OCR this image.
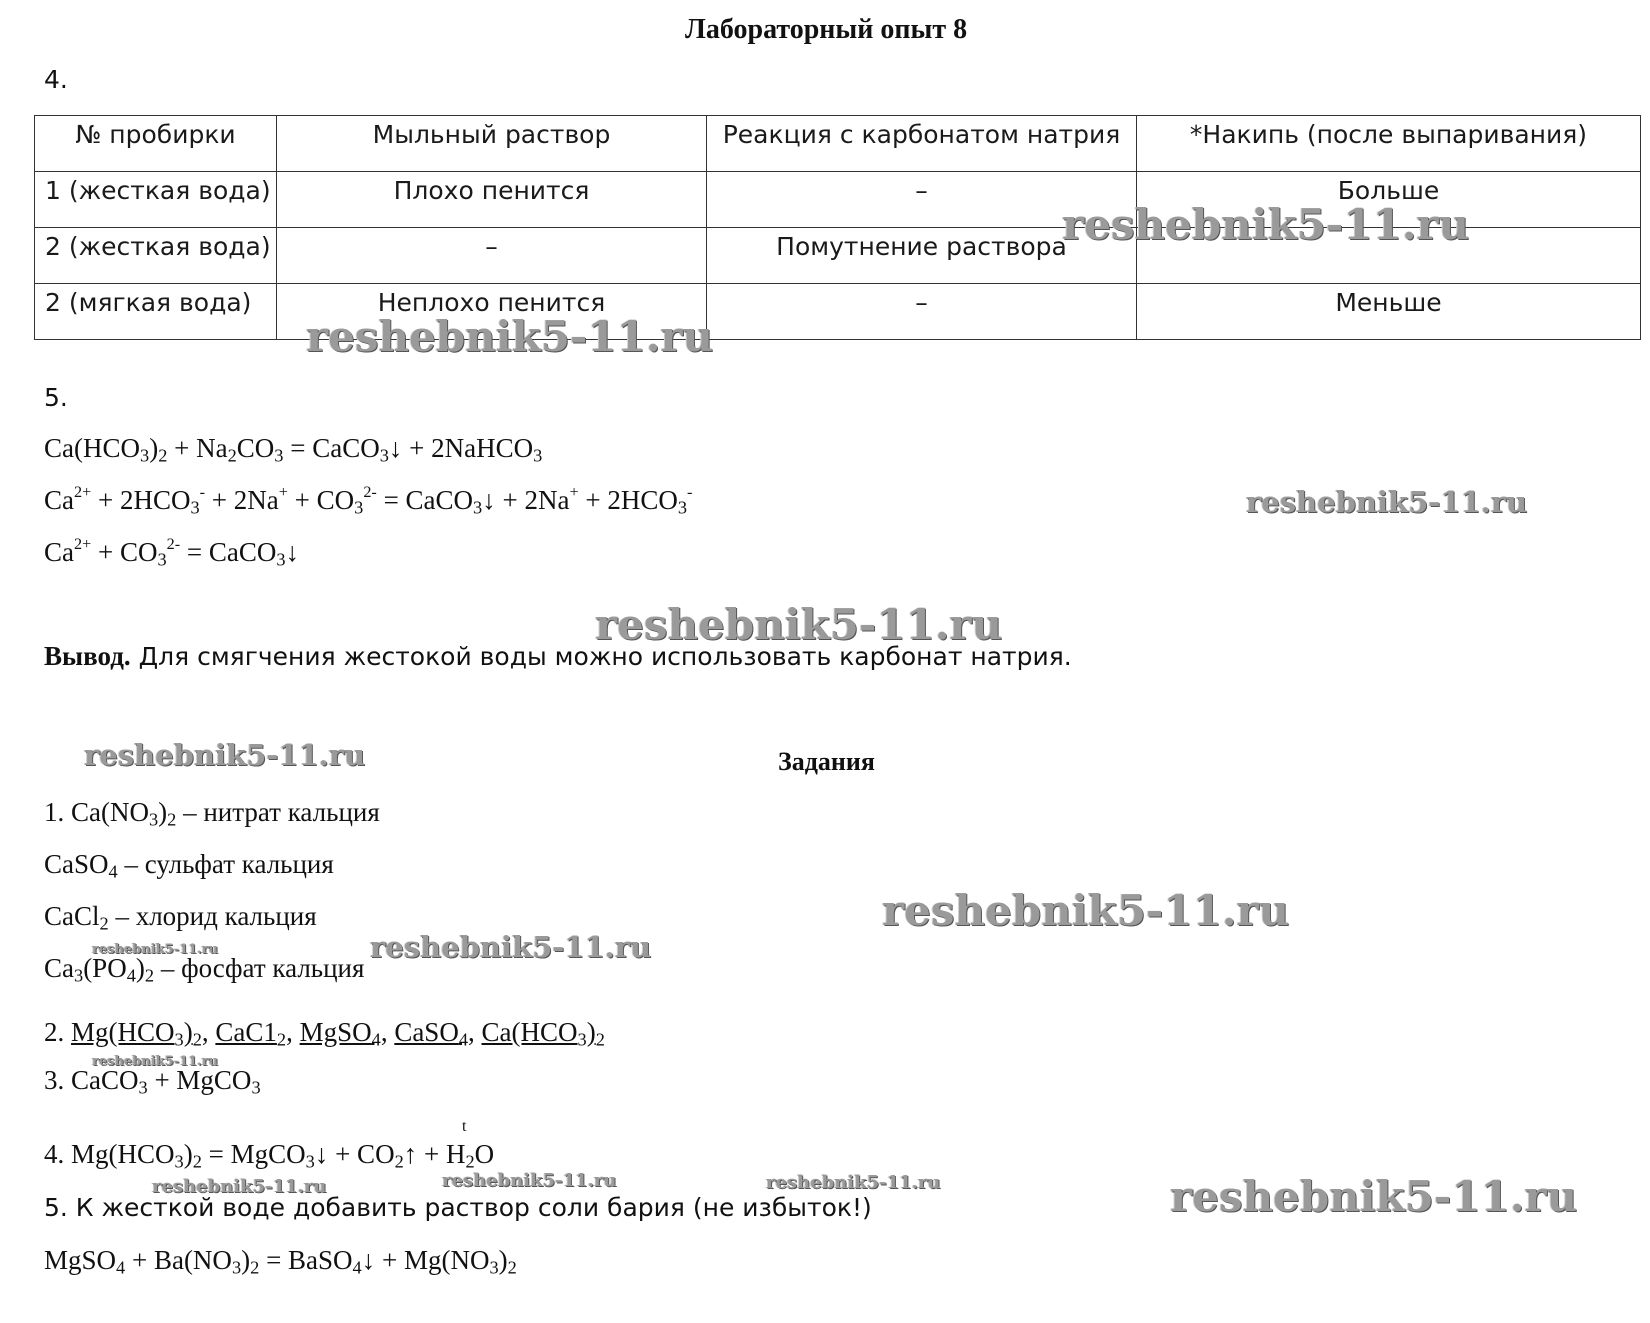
Лабораторный опыт 8
4.
№ пробирки	Мыльный раствор	Реакция с карбонатом натрия	*Накипь (после выпаривания)
1 (жесткая вода)	Плохо пенится	–	Больше
2 (жесткая вода)	–	Помутнение раствора	
2 (мягкая вода)	Неплохо пенится	–	Меньше
5.
$Ca(HCO_3)_2 + Na_2CO_3$ = CaCO$_3$↓ + 2NaHCO$_3$
$Ca^{2+} + 2HCO_3^- + 2Na^+ + CO_3^{2-}$ = CaCO$_3$↓ + $2Na^+ + 2HCO_3^-$
$Ca^{2+} + CO_3^{2-}$ = CaCO$_3$↓
Вывод. Для смягчения жестокой воды можно использовать карбонат натрия.
Задания
1. $Ca(NO_3)_2$ – нитрат кальция
CaSO$_4$ – сульфат кальция
CaCl$_2$ – хлорид кальция
$Ca_3(PO_4)_2$ – фосфат кальция
2. $Mg(HCO_3)_2$, $CaC1_2$, MgSO$_4$, CaSO$_4$, $Ca(HCO_3)_2$
3. CaCO$_3$ + MgCO$_3$
t
4. $Mg(HCO_3)_2$ = MgCO$_3$↓ + $CO_2↑ + H_2O$
5. К жесткой воде добавить раствор соли бария (не избыток!)
MgSO$_4$ + $Ba(NO_3)_2$ = BaSO$_4$↓ + $Mg(NO_3)_2$
reshebnik5-11.ru
reshebnik5-11.ru
reshebnik5-11.ru
reshebnik5-11.ru
reshebnik5-11.ru
reshebnik5-11.ru
reshebnik5-11.ru
reshebnik5-11.ru
reshebnik5-11.ru
reshebnik5-11.ru	reshebnik5-11.ru	reshebnik5-11.ru	reshebnik5-11.ru
